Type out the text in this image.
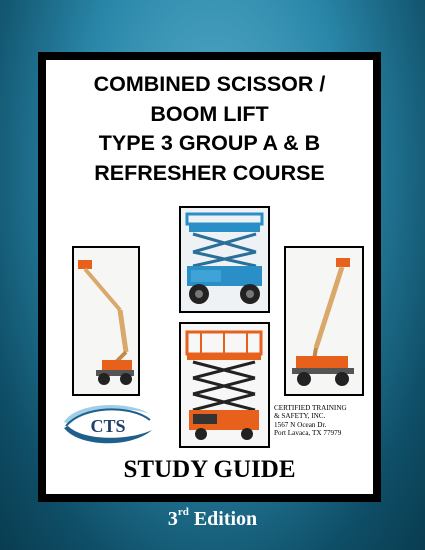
COMBINED SCISSOR /
BOOM LIFT
TYPE 3 GROUP A & B
REFRESHER COURSE
CTS
CERTIFIED TRAINING
& SAFETY, INC.
1567 N Ocean Dr.
Port Lavaca, TX 77979
STUDY GUIDE
3rd Edition
